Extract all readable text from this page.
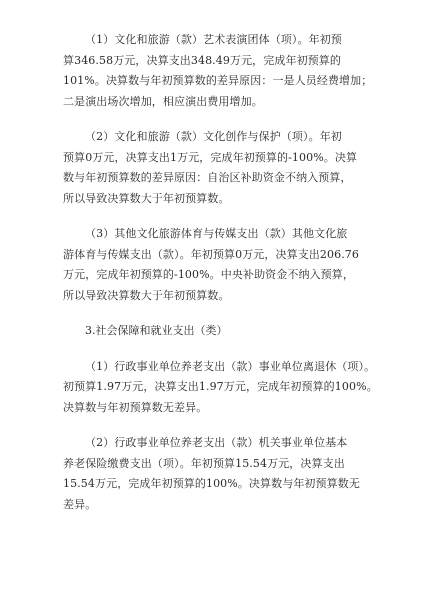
（1）文化和旅游（款）艺术表演团体（项）。年初预
算346.58万元，决算支出348.49万元，完成年初预算的
101%。决算数与年初预算数的差异原因：一是人员经费增加；
二是演出场次增加，相应演出费用增加。

（2）文化和旅游（款）文化创作与保护（项）。年初
预算0万元，决算支出1万元，完成年初预算的-100%。决算
数与年初预算数的差异原因：自治区补助资金不纳入预算，
所以导致决算数大于年初预算数。

（3）其他文化旅游体育与传媒支出（款）其他文化旅
游体育与传媒支出（款）。年初预算0万元，决算支出206.76
万元，完成年初预算的-100%。中央补助资金不纳入预算，
所以导致决算数大于年初预算数。

3.社会保障和就业支出（类）

（1）行政事业单位养老支出（款）事业单位离退休（项）。
初预算1.97万元，决算支出1.97万元，完成年初预算的100%。
决算数与年初预算数无差异。

（2）行政事业单位养老支出（款）机关事业单位基本
养老保险缴费支出（项）。年初预算15.54万元，决算支出
15.54万元，完成年初预算的100%。决算数与年初预算数无
差异。
